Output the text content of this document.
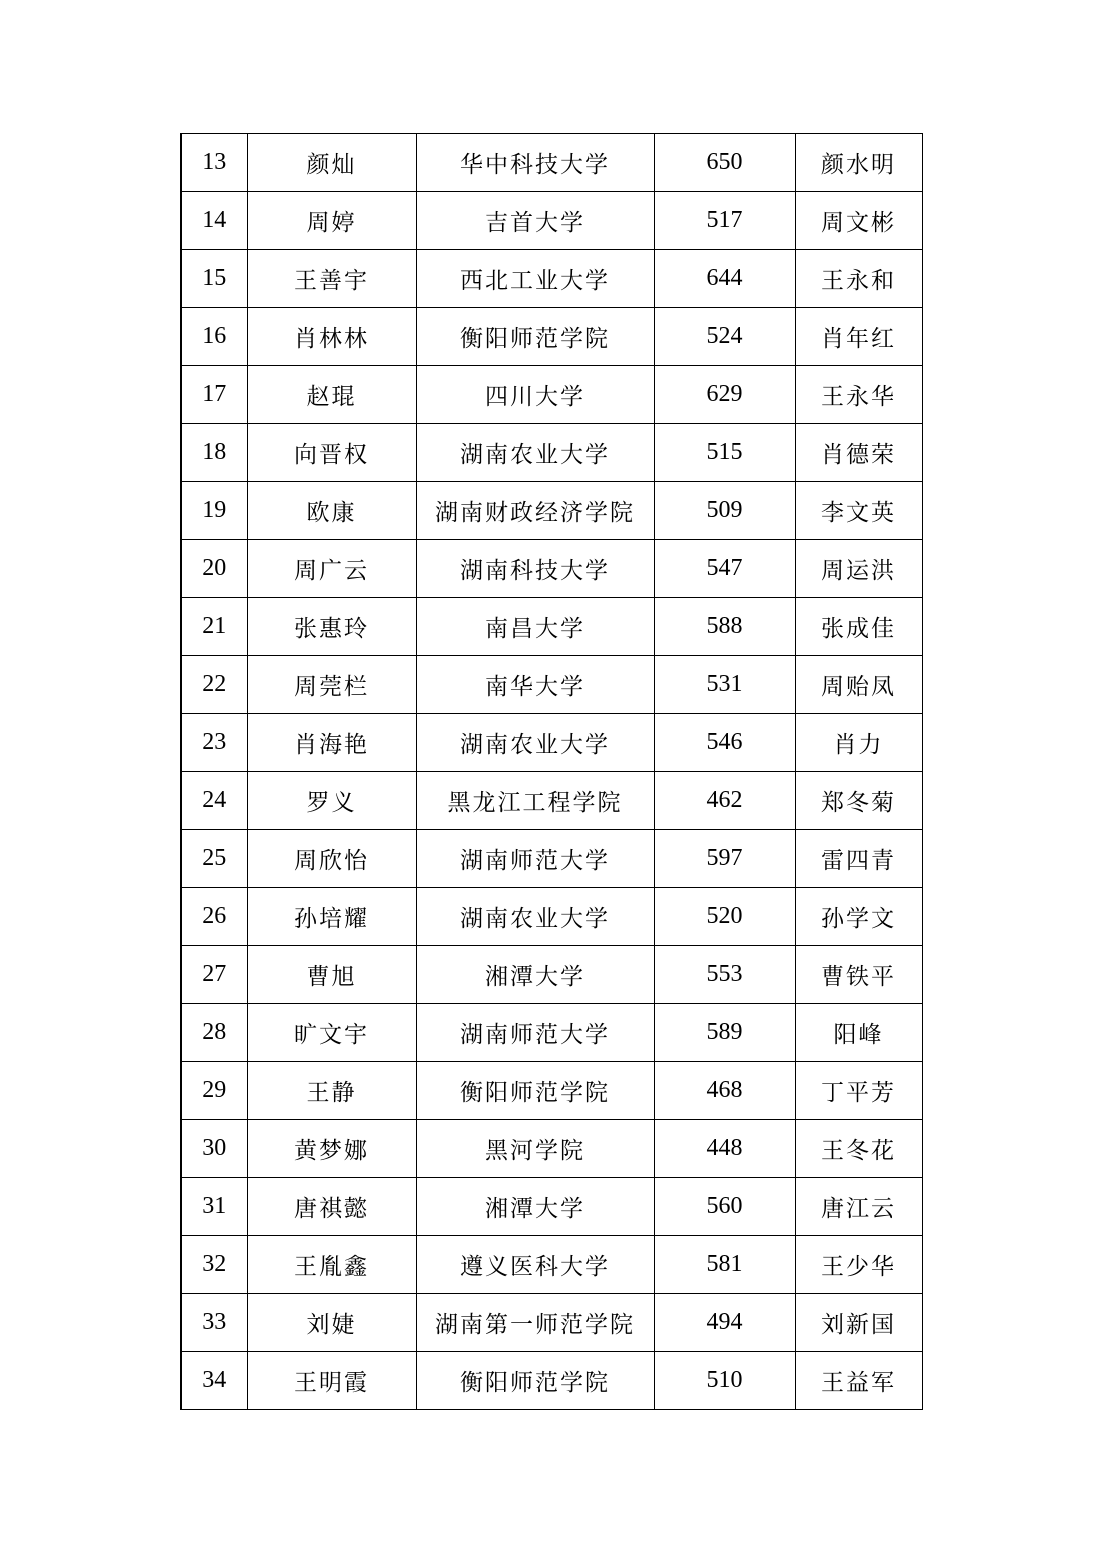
13	颜灿	华中科技大学	650	颜水明
14	周婷	吉首大学	517	周文彬
15	王善宇	西北工业大学	644	王永和
16	肖林林	衡阳师范学院	524	肖年红
17	赵琨	四川大学	629	王永华
18	向晋权	湖南农业大学	515	肖德荣
19	欧康	湖南财政经济学院	509	李文英
20	周广云	湖南科技大学	547	周运洪
21	张惠玲	南昌大学	588	张成佳
22	周莞栏	南华大学	531	周贻凤
23	肖海艳	湖南农业大学	546	肖力
24	罗义	黑龙江工程学院	462	郑冬菊
25	周欣怡	湖南师范大学	597	雷四青
26	孙培耀	湖南农业大学	520	孙学文
27	曹旭	湘潭大学	553	曹铁平
28	旷文宇	湖南师范大学	589	阳峰
29	王静	衡阳师范学院	468	丁平芳
30	黄梦娜	黑河学院	448	王冬花
31	唐祺懿	湘潭大学	560	唐江云
32	王胤鑫	遵义医科大学	581	王少华
33	刘婕	湖南第一师范学院	494	刘新国
34	王明霞	衡阳师范学院	510	王益军
